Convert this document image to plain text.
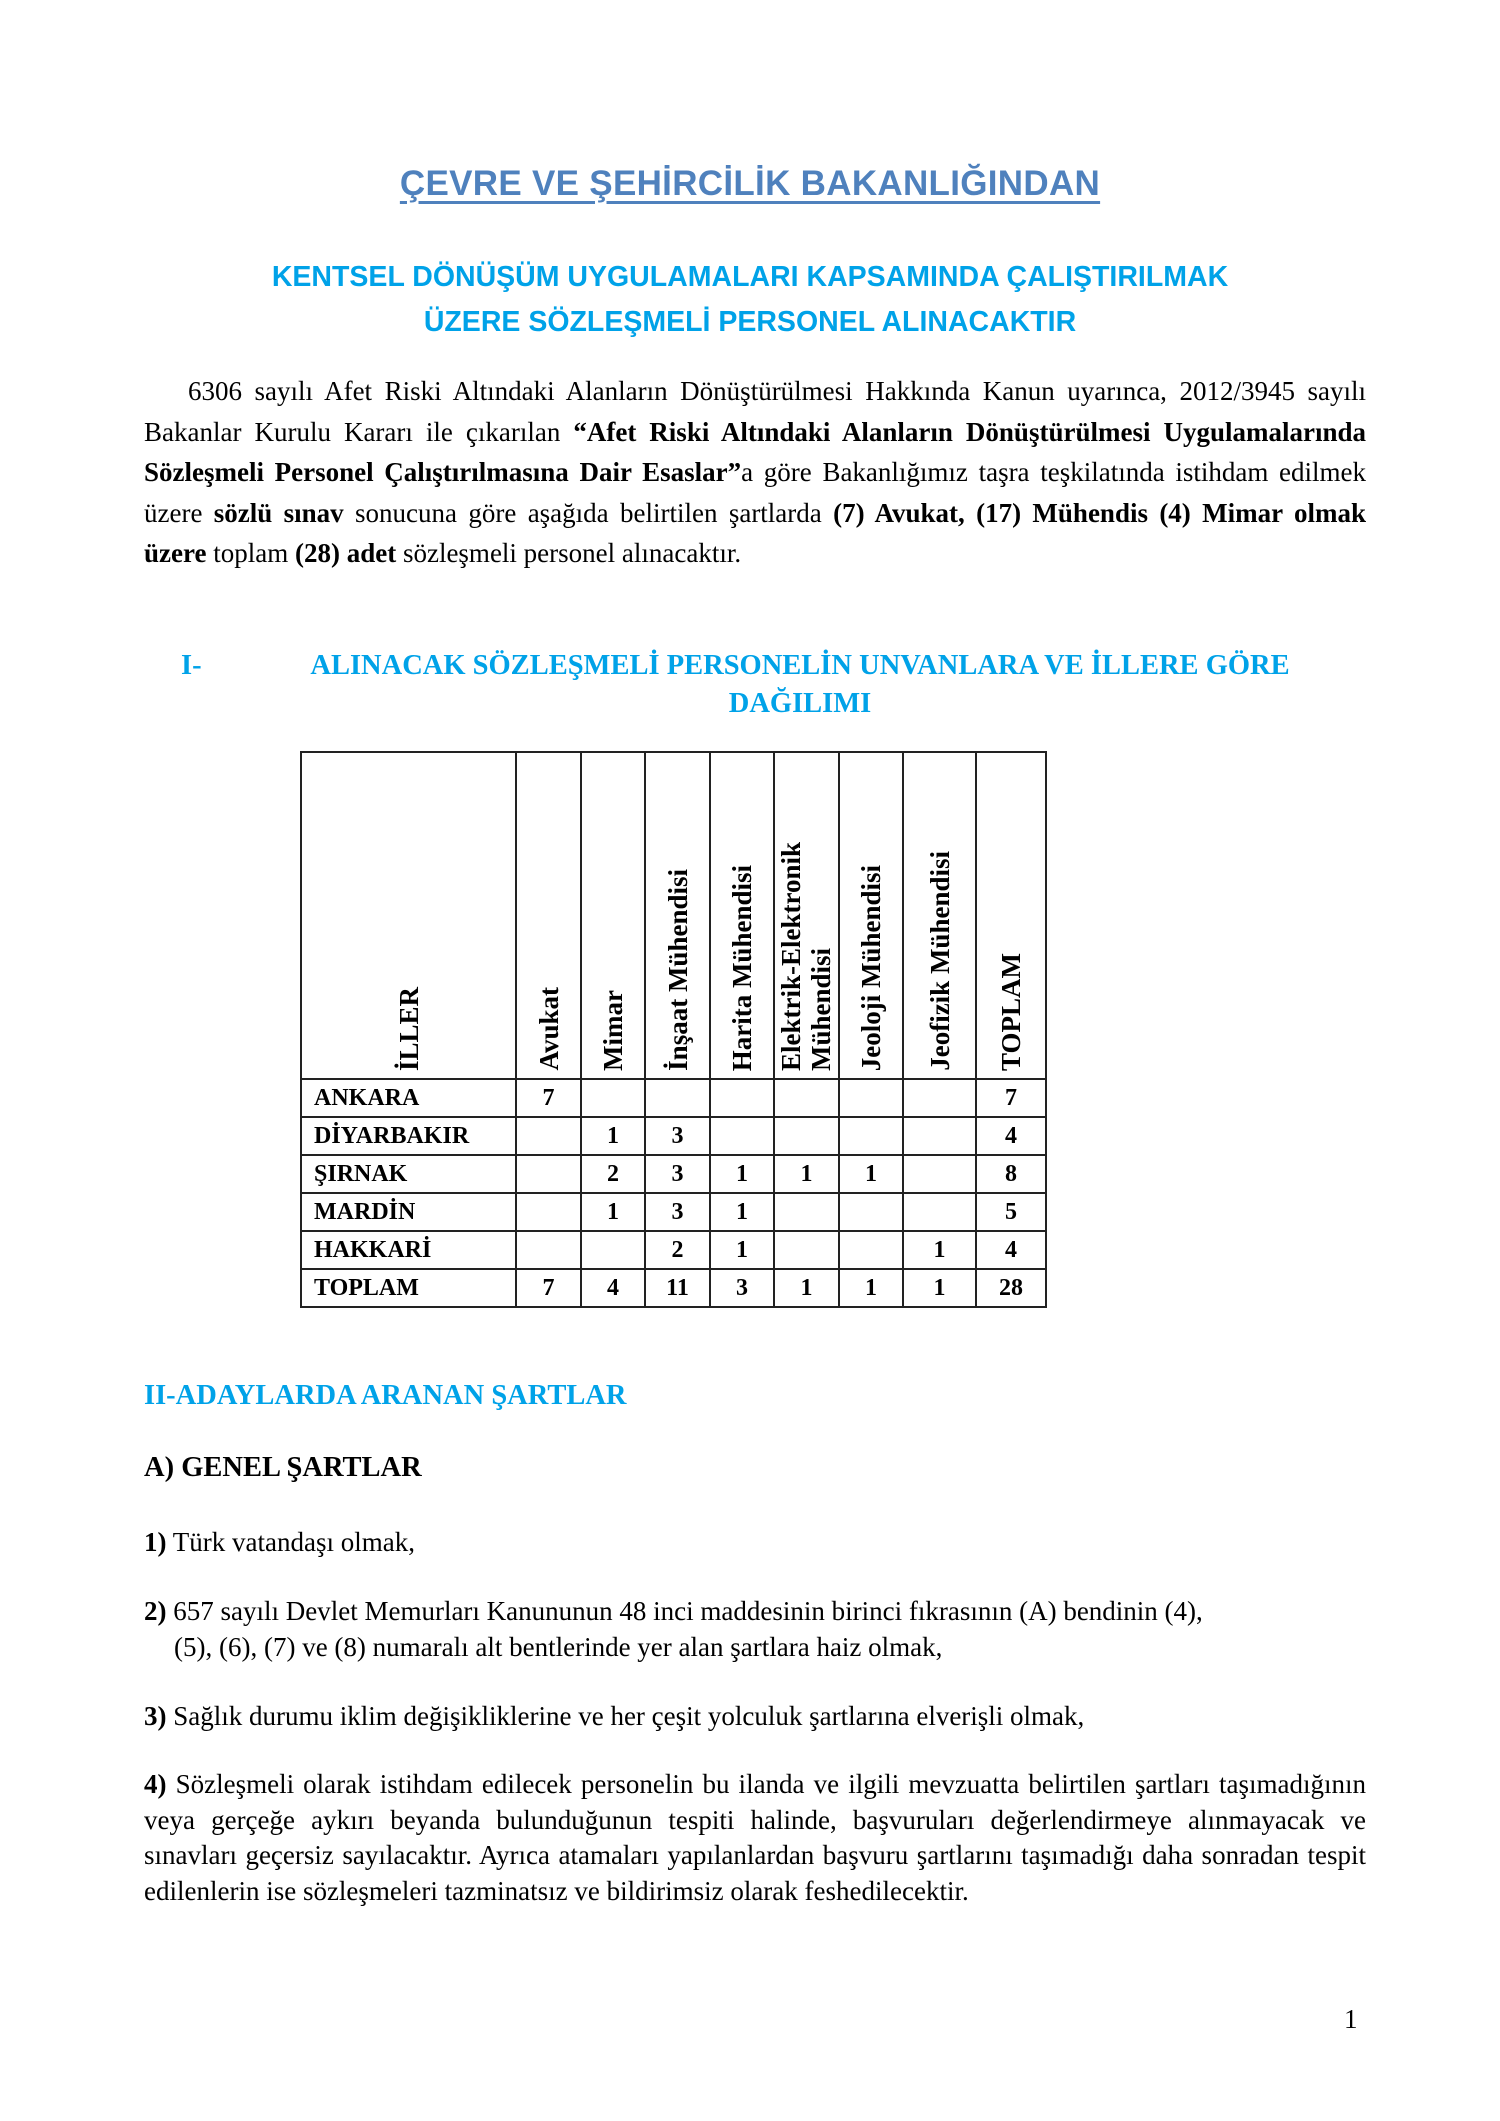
ÇEVRE VE ŞEHİRCİLİK BAKANLIĞINDAN
KENTSEL DÖNÜŞÜM UYGULAMALARI KAPSAMINDA ÇALIŞTIRILMAK
ÜZERE SÖZLEŞMELİ PERSONEL ALINACAKTIR
6306 sayılı Afet Riski Altındaki Alanların Dönüştürülmesi Hakkında Kanun uyarınca, 2012/3945 sayılı Bakanlar Kurulu Kararı ile çıkarılan “Afet Riski Altındaki Alanların Dönüştürülmesi Uygulamalarında Sözleşmeli Personel Çalıştırılmasına Dair Esaslar”a göre Bakanlığımız taşra teşkilatında istihdam edilmek üzere sözlü sınav sonucuna göre aşağıda belirtilen şartlarda (7) Avukat, (17) Mühendis (4) Mimar olmak üzere toplam (28) adet sözleşmeli personel alınacaktır.
I-	ALINACAK SÖZLEŞMELİ PERSONELİN UNVANLARA VE İLLERE GÖRE DAĞILIMI
İLLER	Avukat	Mimar	İnşaat Mühendisi	Harita Mühendisi	Elektrik-Elektronik Mühendisi	Jeoloji Mühendisi	Jeofizik Mühendisi	TOPLAM
ANKARA	7							7
DİYARBAKIR		1	3					4
ŞIRNAK		2	3	1	1	1		8
MARDİN		1	3	1				5
HAKKARİ			2	1			1	4
TOPLAM	7	4	11	3	1	1	1	28
II-ADAYLARDA ARANAN ŞARTLAR
A) GENEL ŞARTLAR
1) Türk vatandaşı olmak,
2) 657 sayılı Devlet Memurları Kanununun 48 inci maddesinin birinci fıkrasının (A) bendinin (4),
(5), (6), (7) ve (8) numaralı alt bentlerinde yer alan şartlara haiz olmak,
3) Sağlık durumu iklim değişikliklerine ve her çeşit yolculuk şartlarına elverişli olmak,
4) Sözleşmeli olarak istihdam edilecek personelin bu ilanda ve ilgili mevzuatta belirtilen şartları taşımadığının veya gerçeğe aykırı beyanda bulunduğunun tespiti halinde, başvuruları değerlendirmeye alınmayacak ve sınavları geçersiz sayılacaktır. Ayrıca atamaları yapılanlardan başvuru şartlarını taşımadığı daha sonradan tespit edilenlerin ise sözleşmeleri tazminatsız ve bildirimsiz olarak feshedilecektir.
1
